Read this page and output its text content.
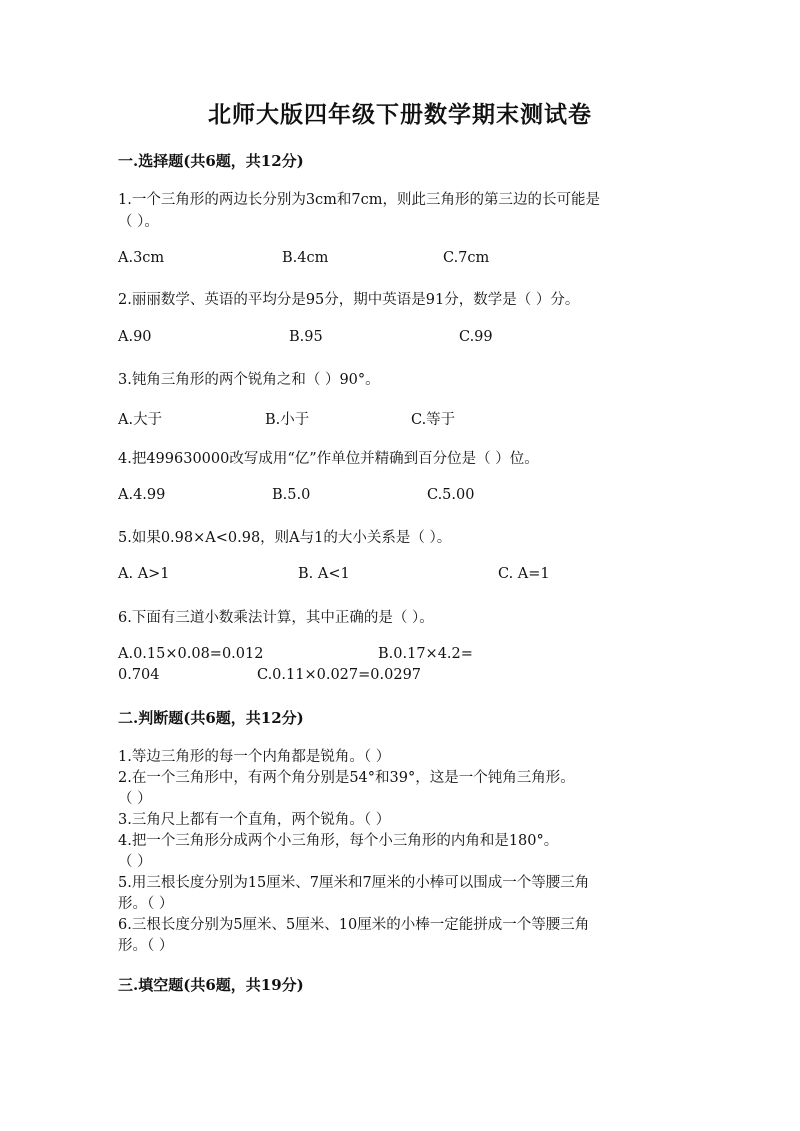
北师大版四年级下册数学期末测试卷
一.选择题(共6题，共12分)
1.一个三角形的两边长分别为3cm和7cm，则此三角形的第三边的长可能是
（ ）。
A.3cm	B.4cm	C.7cm
2.丽丽数学、英语的平均分是95分，期中英语是91分，数学是（ ）分。
A.90	B.95	C.99
3.钝角三角形的两个锐角之和（ ）90°。
A.大于	B.小于	C.等于
4.把499630000改写成用“亿”作单位并精确到百分位是（ ）位。
A.4.99	B.5.0	C.5.00
5.如果0.98×A<0.98，则A与1的大小关系是（ ）。
A. A>1	B. A<1	C. A=1
6.下面有三道小数乘法计算，其中正确的是（ ）。
A.0.15×0.08=0.012	B.0.17×4.2=
0.704	C.0.11×0.027=0.0297
二.判断题(共6题，共12分)
1.等边三角形的每一个内角都是锐角。（ ）
2.在一个三角形中，有两个角分别是54°和39°，这是一个钝角三角形。
（ ）
3.三角尺上都有一个直角，两个锐角。（ ）
4.把一个三角形分成两个小三角形，每个小三角形的内角和是180°。
（ ）
5.用三根长度分别为15厘米、7厘米和7厘米的小棒可以围成一个等腰三角
形。（ ）
6.三根长度分别为5厘米、5厘米、10厘米的小棒一定能拼成一个等腰三角
形。（ ）
三.填空题(共6题，共19分)
